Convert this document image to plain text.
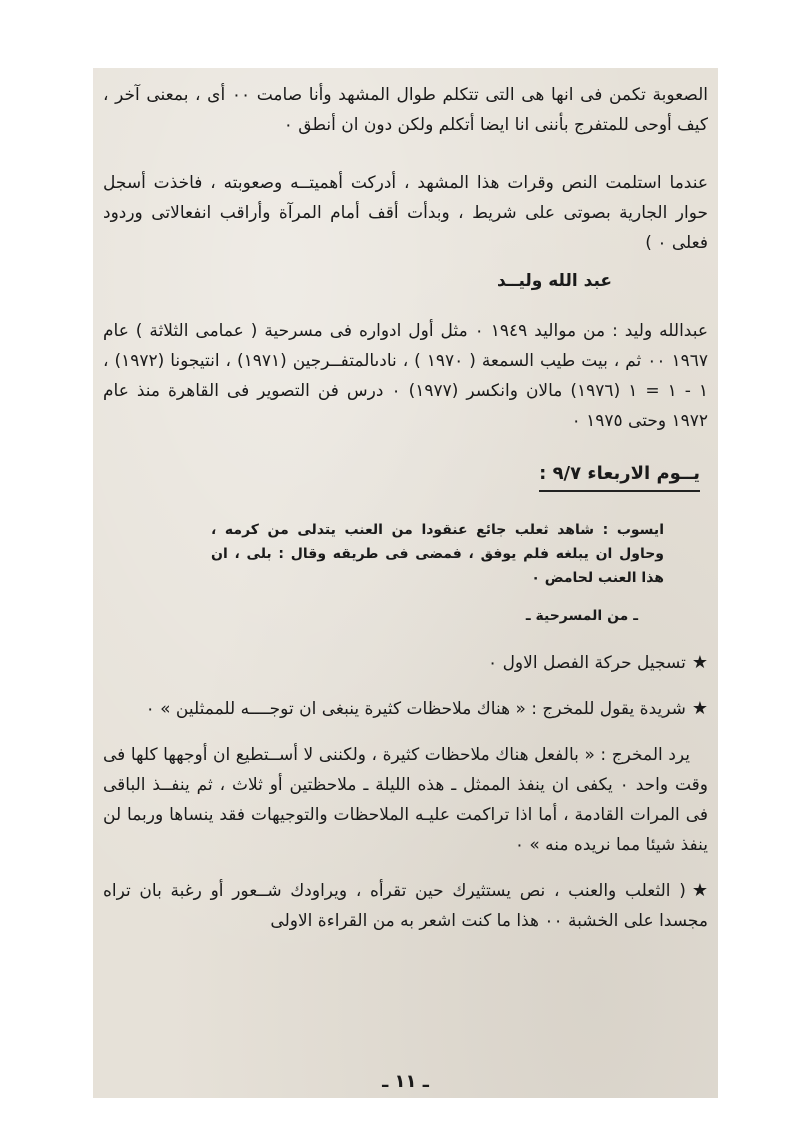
الصعوبة تكمن فى انها هى التى تتكلم طوال المشهد وأنا صامت ٠٠ أى ، بمعنى آخر ، كيف أوحى للمتفرج بأننى انا ايضا أتكلم ولكن دون ان أنطق ٠

عندما استلمت النص وقرات هذا المشهد ، أدركت أهميتــه وصعوبته ، فاخذت أسجل حوار الجارية بصوتى على شريط ، وبدأت أقف أمام المرآة وأراقب انفعالاتى وردود فعلى ٠ )

عبد الله وليــد

عبدالله وليد : من مواليد ١٩٤٩ ٠ مثل أول ادواره فى مسرحية ( عمامى الثلاثة ) عام ١٩٦٧ ٠٠ ثم ، بيت طيب السمعة ( ١٩٧٠ ) ، نادىالمتفــرجين (١٩٧١) ، انتيجونا (١٩٧٢) ، ١ - ١ = ١ (١٩٧٦) مالان وانكسر (١٩٧٧) ٠ درس فن التصوير فى القاهرة منذ عام ١٩٧٢ وحتى ١٩٧٥ ٠

يــوم الاربعاء ٩/٧ :

ايسوب : شاهد ثعلب جائع عنقودا من العنب يتدلى من كرمه ، وحاول ان يبلغه فلم يوفق ، فمضى فى طريقه وقال : بلى ، ان هذا العنب لحامض ٠

ـ من المسرحية ـ

★تسجيل حركة الفصل الاول ٠

★شريدة يقول للمخرج : « هناك ملاحظات كثيرة ينبغى ان توجــــه للممثلين » ٠

يرد المخرج : « بالفعل هناك ملاحظات كثيرة ، ولكننى لا أســتطيع ان أوجهها كلها فى وقت واحد ٠ يكفى ان ينفذ الممثل ـ هذه الليلة ـ ملاحظتين أو ثلاث ، ثم ينفــذ الباقى فى المرات القادمة ، أما اذا تراكمت عليـه الملاحظات والتوجيهات فقد ينساها وربما لن ينفذ شيئا مما نريده منه » ٠

★( الثعلب والعنب ، نص يستثيرك حين تقرأه ، ويراودك شــعور أو رغبة بان تراه مجسدا على الخشبة ٠٠ هذا ما كنت اشعر به من القراءة الاولى

ـ ١١ ـ
